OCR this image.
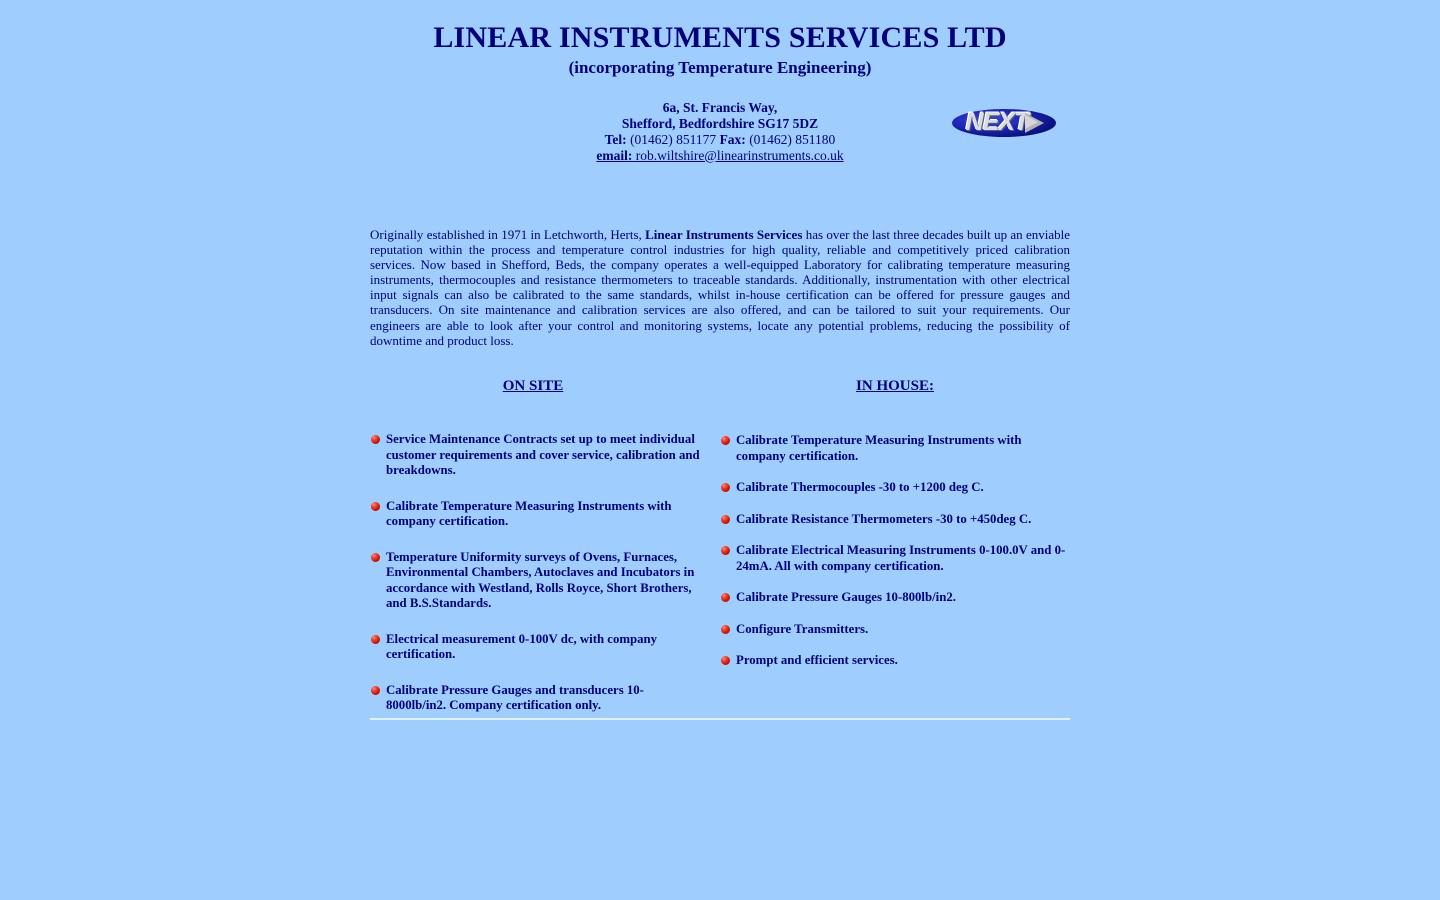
LINEAR INSTRUMENTS SERVICES LTD
(incorporating Temperature Engineering)
6a, St. Francis Way,
Shefford, Bedfordshire SG17 5DZ
Tel: (01462) 851177 Fax: (01462) 851180
email: rob.wiltshire@linearinstruments.co.uk
NEXT

Originally established in 1971 in Letchworth, Herts, Linear Instruments Services has over the last three decades built up an enviable reputation within the process and temperature control industries for high quality, reliable and competitively priced calibration services. Now based in Shefford, Beds, the company operates a well-equipped Laboratory for calibrating temperature measuring instruments, thermocouples and resistance thermometers to traceable standards. Additionally, instrumentation with other electrical input signals can also be calibrated to the same standards, whilst in-house certification can be offered for pressure gauges and transducers. On site maintenance and calibration services are also offered, and can be tailored to suit your requirements. Our engineers are able to look after your control and monitoring systems, locate any potential problems, reducing the possibility of downtime and product loss.

ON SITE
Service Maintenance Contracts set up to meet individual customer requirements and cover service, calibration and breakdowns.
Calibrate Temperature Measuring Instruments with company certification.
Temperature Uniformity surveys of Ovens, Furnaces, Environmental Chambers, Autoclaves and Incubators in accordance with Westland, Rolls Royce, Short Brothers, and B.S.Standards.
Electrical measurement 0-100V dc, with company certification.
Calibrate Pressure Gauges and transducers 10-8000lb/in2. Company certification only.
IN HOUSE:
Calibrate Temperature Measuring Instruments with company certification.
Calibrate Thermocouples -30 to +1200 deg C.
Calibrate Resistance Thermometers -30 to +450deg C.
Calibrate Electrical Measuring Instruments 0-100.0V and 0-24mA. All with company certification.
Calibrate Pressure Gauges 10-800lb/in2.
Configure Transmitters.
Prompt and efficient services.
